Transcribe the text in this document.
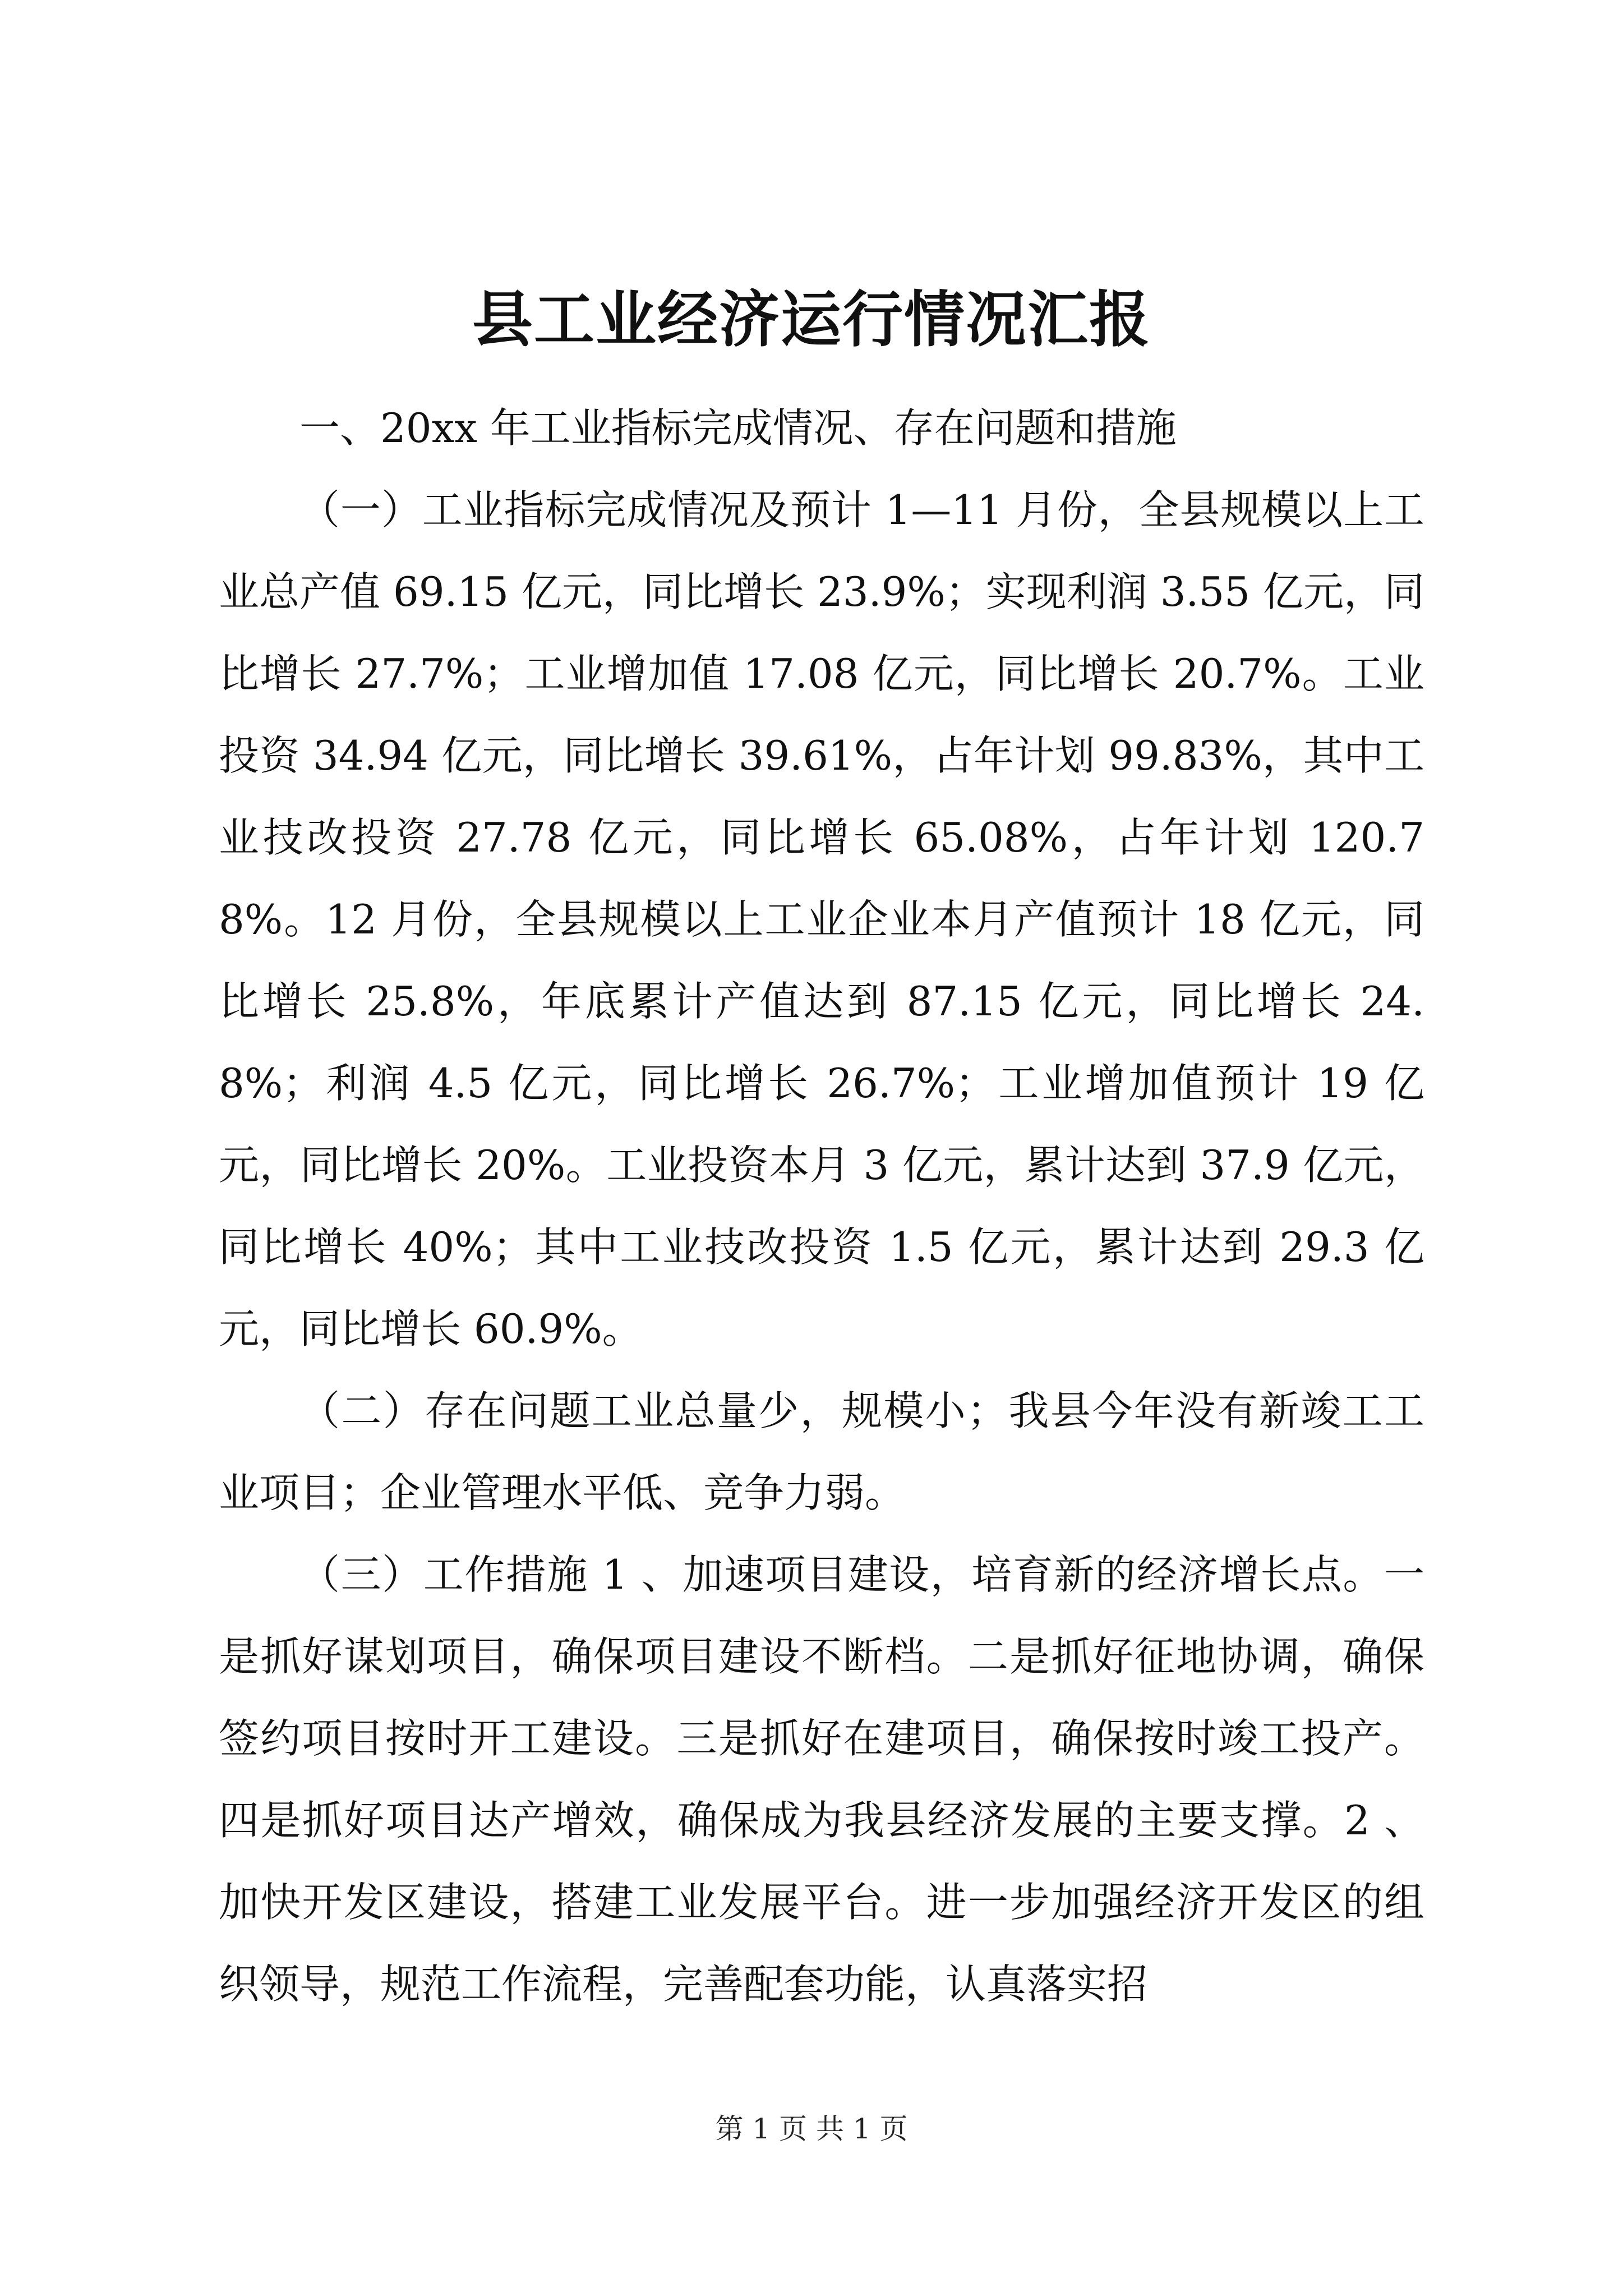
县工业经济运行情况汇报

一、20xx 年工业指标完成情况、存在问题和措施

（一）工业指标完成情况及预计 1—11 月份，全县规模以上工业总产值 69.15 亿元，同比增长 23.9%；实现利润 3.55 亿元，同比增长 27.7%；工业增加值 17.08 亿元，同比增长 20.7%。工业投资 34.94 亿元，同比增长 39.61%，占年计划 99.83%，其中工业技改投资 27.78 亿元，同比增长 65.08%，占年计划 120.78%。12 月份，全县规模以上工业企业本月产值预计 18 亿元，同比增长 25.8%，年底累计产值达到 87.15 亿元，同比增长 24.8%；利润 4.5 亿元，同比增长 26.7%；工业增加值预计 19 亿元，同比增长 20%。工业投资本月 3 亿元，累计达到 37.9 亿元，同比增长 40%；其中工业技改投资 1.5 亿元，累计达到 29.3 亿元，同比增长 60.9%。

（二）存在问题工业总量少，规模小；我县今年没有新竣工工业项目；企业管理水平低、竞争力弱。

（三）工作措施 1 、加速项目建设，培育新的经济增长点。一是抓好谋划项目，确保项目建设不断档。二是抓好征地协调，确保签约项目按时开工建设。三是抓好在建项目，确保按时竣工投产。四是抓好项目达产增效，确保成为我县经济发展的主要支撑。2 、加快开发区建设，搭建工业发展平台。进一步加强经济开发区的组织领导，规范工作流程，完善配套功能，认真落实招

第 1 页 共 1 页
